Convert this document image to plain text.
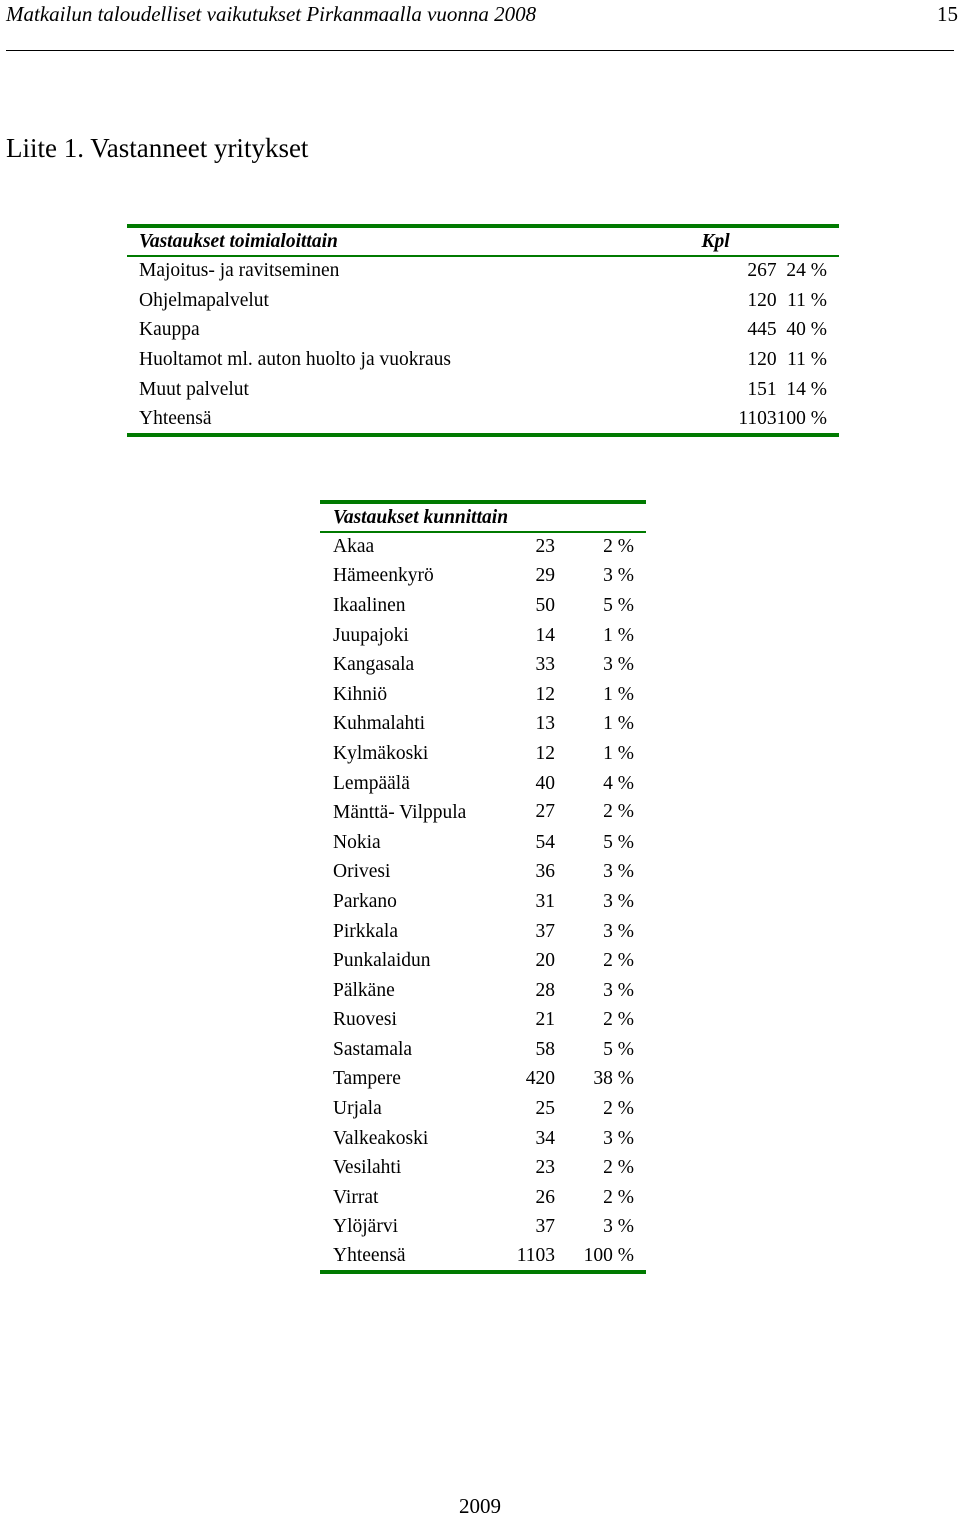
Matkailun taloudelliset vaikutukset Pirkanmaalla vuonna 2008	15
Liite 1. Vastanneet yritykset
Vastaukset toimialoittain	Kpl	
Majoitus- ja ravitseminen	267	24 %
Ohjelmapalvelut	120	11 %
Kauppa	445	40 %
Huoltamot ml. auton huolto ja vuokraus	120	11 %
Muut palvelut	151	14 %
Yhteensä	1103	100 %
Vastaukset kunnittain		
Akaa	23	2 %
Hämeenkyrö	29	3 %
Ikaalinen	50	5 %
Juupajoki	14	1 %
Kangasala	33	3 %
Kihniö	12	1 %
Kuhmalahti	13	1 %
Kylmäkoski	12	1 %
Lempäälä	40	4 %
Mänttä- Vilppula	27	2 %
Nokia	54	5 %
Orivesi	36	3 %
Parkano	31	3 %
Pirkkala	37	3 %
Punkalaidun	20	2 %
Pälkäne	28	3 %
Ruovesi	21	2 %
Sastamala	58	5 %
Tampere	420	38 %
Urjala	25	2 %
Valkeakoski	34	3 %
Vesilahti	23	2 %
Virrat	26	2 %
Ylöjärvi	37	3 %
Yhteensä	1103	100 %
2009
